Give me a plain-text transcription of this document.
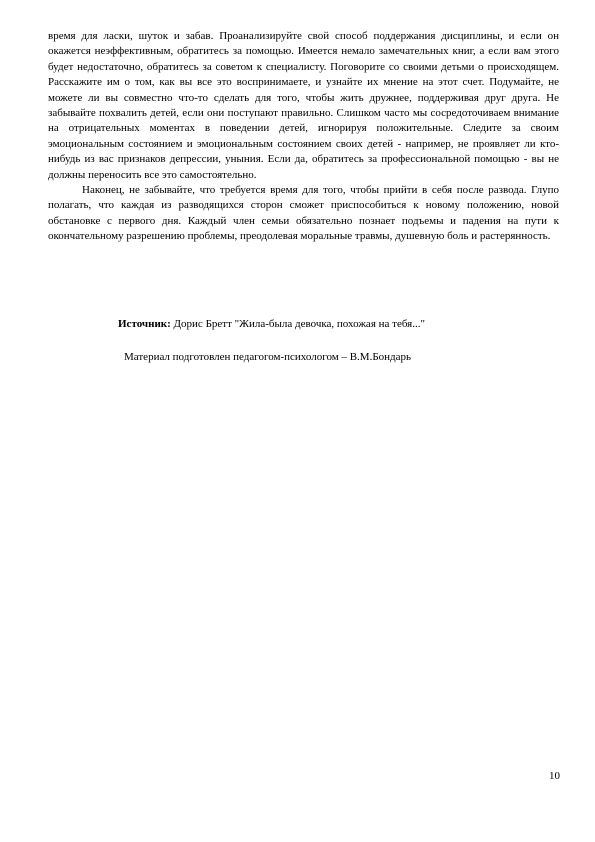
время для ласки, шуток и забав. Проанализируйте свой способ поддержания дисциплины, и если он окажется неэффективным, обратитесь за помощью. Имеется немало замечательных книг, а если вам этого будет недостаточно, обратитесь за советом к специалисту. Поговорите со своими детьми о происходящем. Расскажите им о том, как вы все это воспринимаете, и узнайте их мнение на этот счет. Подумайте, не можете ли вы совместно что-то сделать для того, чтобы жить дружнее, поддерживая друг друга. Не забывайте похвалить детей, если они поступают правильно. Слишком часто мы сосредоточиваем внимание на отрицательных моментах в поведении детей, игнорируя положительные. Следите за своим эмоциональным состоянием и эмоциональным состоянием своих детей - например, не проявляет ли кто-нибудь из вас признаков депрессии, уныния. Если да, обратитесь за профессиональной помощью - вы не должны переносить все это самостоятельно.

Наконец, не забывайте, что требуется время для того, чтобы прийти в себя после развода. Глупо полагать, что каждая из разводящихся сторон сможет приспособиться к новому положению, новой обстановке с первого дня. Каждый член семьи обязательно познает подъемы и падения на пути к окончательному разрешению проблемы, преодолевая моральные травмы, душевную боль и растерянность.

Источник: Дорис Бретт "Жила-была девочка, похожая на тебя..."
Материал подготовлен педагогом-психологом – В.М.Бондарь
10
